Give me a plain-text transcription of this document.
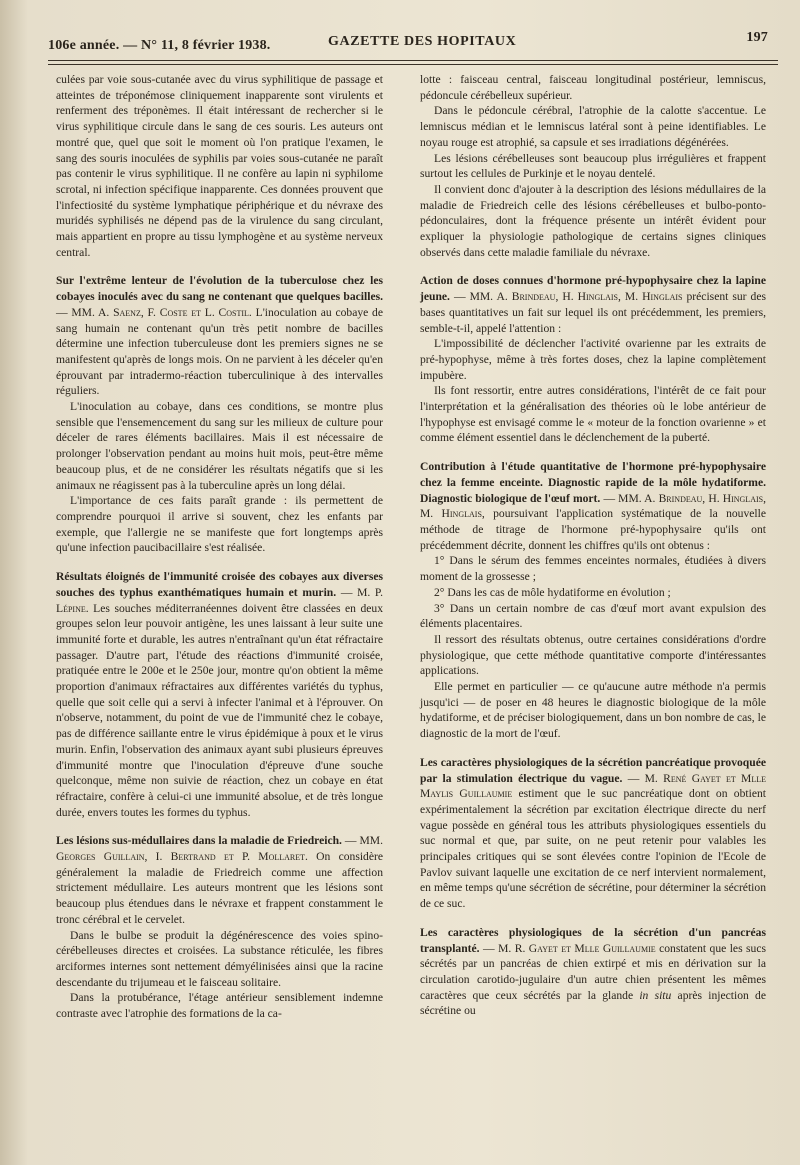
106e année. — N° 11, 8 février 1938.	GAZETTE DES HOPITAUX	197

culées par voie sous-cutanée avec du virus syphilitique de passage et atteintes de tréponémose cliniquement inapparente sont virulents et renferment des tréponèmes. Il était intéressant de rechercher si le virus syphilitique circule dans le sang de ces souris. Les auteurs ont montré que, quel que soit le moment où l'on pratique l'examen, le sang des souris inoculées de syphilis par voies sous-cutanée ne paraît pas contenir le virus syphilitique. Il ne confère au lapin ni syphilome scrotal, ni infection spécifique inapparente. Ces données prouvent que l'infectiosité du système lymphatique périphérique et du névraxe des muridés syphilisés ne dépend pas de la virulence du sang circulant, mais appartient en propre au tissu lymphogène et au système nerveux central.

Sur l'extrême lenteur de l'évolution de la tuberculose chez les cobayes inoculés avec du sang ne contenant que quelques bacilles. — MM. A. Saenz, F. Coste et L. Costil. L'inoculation au cobaye de sang humain ne contenant qu'un très petit nombre de bacilles détermine une infection tuberculeuse dont les premiers signes ne se manifestent qu'après de longs mois. On ne parvient à les déceler qu'en éprouvant par intradermo-réaction tuberculinique à des intervalles réguliers.

L'inoculation au cobaye, dans ces conditions, se montre plus sensible que l'ensemencement du sang sur les milieux de culture pour déceler de rares éléments bacillaires. Mais il est nécessaire de prolonger l'observation pendant au moins huit mois, peut-être même beaucoup plus, et de ne considérer les résultats négatifs que si les animaux ne réagissent pas à la tuberculine après un long délai.

L'importance de ces faits paraît grande : ils permettent de comprendre pourquoi il arrive si souvent, chez les enfants par exemple, que l'allergie ne se manifeste que fort longtemps après qu'une infection paucibacillaire s'est réalisée.

Résultats éloignés de l'immunité croisée des cobayes aux diverses souches des typhus exanthématiques humain et murin. — M. P. Lépine. Les souches méditerranéennes doivent être classées en deux groupes selon leur pouvoir antigène, les unes laissant à leur suite une immunité forte et durable, les autres n'entraînant qu'un état réfractaire passager. D'autre part, l'étude des réactions d'immunité croisée, pratiquée entre le 200e et le 250e jour, montre qu'on obtient la même proportion d'animaux réfractaires aux différentes variétés du typhus, quelle que soit celle qui a servi à infecter l'animal et à l'éprouver. On n'observe, notamment, du point de vue de l'immunité chez le cobaye, pas de différence saillante entre le virus épidémique à poux et le virus murin. Enfin, l'observation des animaux ayant subi plusieurs épreuves d'immunité montre que l'inoculation d'épreuve d'une souche quelconque, même non suivie de réaction, chez un cobaye en état réfractaire, confère à celui-ci une immunité absolue, et de très longue durée, envers toutes les formes du typhus.

Les lésions sus-médullaires dans la maladie de Friedreich. — MM. Georges Guillain, I. Bertrand et P. Mollaret. On considère généralement la maladie de Friedreich comme une affection strictement médullaire. Les auteurs montrent que les lésions sont beaucoup plus étendues dans le névraxe et frappent constamment le tronc cérébral et le cervelet.

Dans le bulbe se produit la dégénérescence des voies spino-cérébelleuses directes et croisées. La substance réticulée, les fibres arciformes internes sont nettement démyélinisées ainsi que la racine descendante du trijumeau et le faisceau solitaire.

Dans la protubérance, l'étage antérieur sensiblement indemne contraste avec l'atrophie des formations de la ca-

lotte : faisceau central, faisceau longitudinal postérieur, lemniscus, pédoncule cérébelleux supérieur.

Dans le pédoncule cérébral, l'atrophie de la calotte s'accentue. Le lemniscus médian et le lemniscus latéral sont à peine identifiables. Le noyau rouge est atrophié, sa capsule et ses irradiations dégénérées.

Les lésions cérébelleuses sont beaucoup plus irrégulières et frappent surtout les cellules de Purkinje et le noyau dentelé.

Il convient donc d'ajouter à la description des lésions médullaires de la maladie de Friedreich celle des lésions cérébelleuses et bulbo-ponto-pédonculaires, dont la fréquence présente un intérêt évident pour expliquer la physiologie pathologique de certains signes cliniques observés dans cette maladie familiale du névraxe.

Action de doses connues d'hormone pré-hypophysaire chez la lapine jeune. — MM. A. Brindeau, H. Hinglais, M. Hinglais précisent sur des bases quantitatives un fait sur lequel ils ont précédemment, les premiers, semble-t-il, appelé l'attention :

L'impossibilité de déclencher l'activité ovarienne par les extraits de pré-hypophyse, même à très fortes doses, chez la lapine complètement impubère.

Ils font ressortir, entre autres considérations, l'intérêt de ce fait pour l'interprétation et la généralisation des théories où le lobe antérieur de l'hypophyse est envisagé comme le « moteur de la fonction ovarienne » et comme élément essentiel dans le déclenchement de la puberté.

Contribution à l'étude quantitative de l'hormone pré-hypophysaire chez la femme enceinte. Diagnostic rapide de la môle hydatiforme. Diagnostic biologique de l'œuf mort. — MM. A. Brindeau, H. Hinglais, M. Hinglais, poursuivant l'application systématique de la nouvelle méthode de titrage de l'hormone pré-hypophysaire qu'ils ont précédemment décrite, donnent les chiffres qu'ils ont obtenus :

1° Dans le sérum des femmes enceintes normales, étudiées à divers moment de la grossesse ;

2° Dans les cas de môle hydatiforme en évolution ;

3° Dans un certain nombre de cas d'œuf mort avant expulsion des éléments placentaires.

Il ressort des résultats obtenus, outre certaines considérations d'ordre physiologique, que cette méthode quantitative comporte d'intéressantes applications.

Elle permet en particulier — ce qu'aucune autre méthode n'a permis jusqu'ici — de poser en 48 heures le diagnostic biologique de la môle hydatiforme, et de préciser biologiquement, dans un bon nombre de cas, le diagnostic de la mort de l'œuf.

Les caractères physiologiques de la sécrétion pancréatique provoquée par la stimulation électrique du vague. — M. René Gayet et Mlle Maylis Guillaumie estiment que le suc pancréatique dont on obtient expérimentalement la sécrétion par excitation électrique directe du nerf vague possède en général tous les attributs physiologiques essentiels du suc normal et que, par suite, on ne peut retenir pour valables les principales critiques qui se sont élevées contre l'opinion de l'Ecole de Pavlov suivant laquelle une excitation de ce nerf intervient normalement, en même temps qu'une sécrétion de sécrétine, pour déterminer la sécrétion de ce suc.

Les caractères physiologiques de la sécrétion d'un pancréas transplanté. — M. R. Gayet et Mlle Guillaumie constatent que les sucs sécrétés par un pancréas de chien extirpé et mis en dérivation sur la circulation carotido-jugulaire d'un autre chien présentent les mêmes caractères que ceux sécrétés par la glande in situ après injection de sécrétine ou
